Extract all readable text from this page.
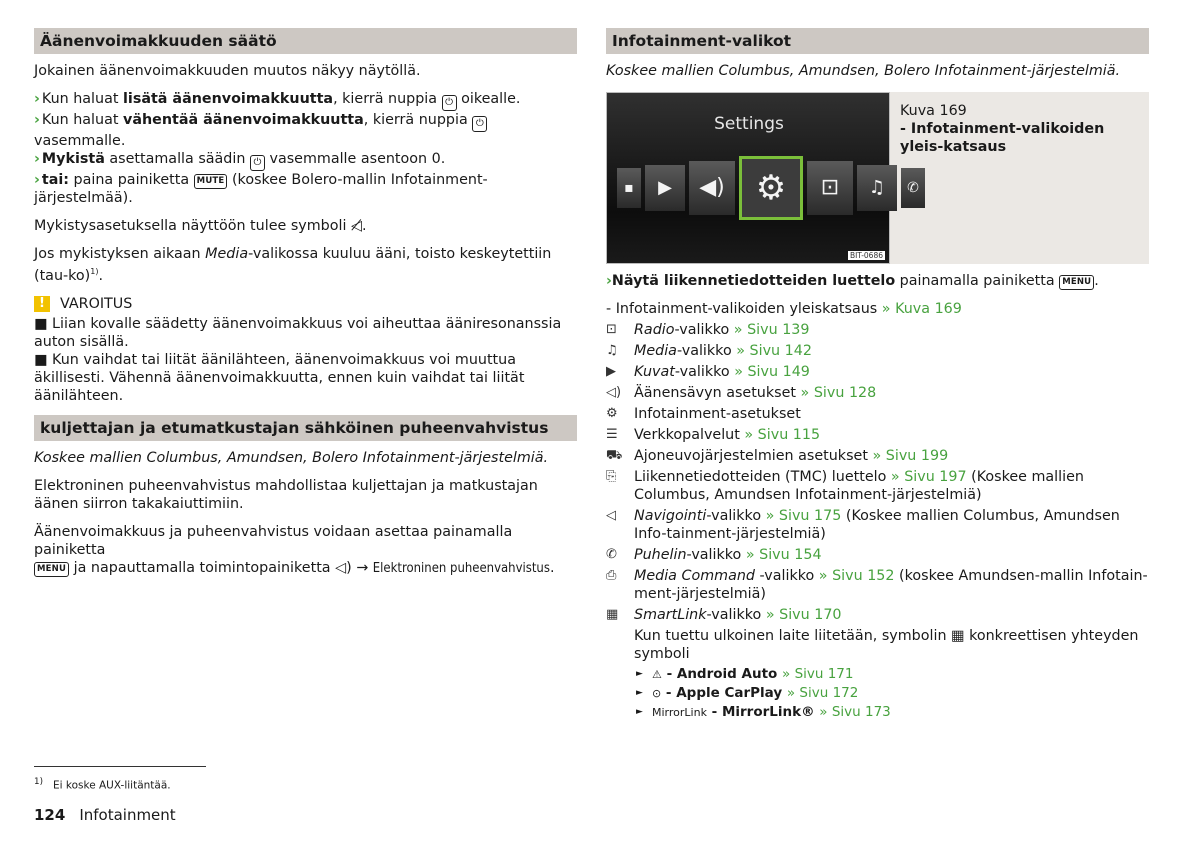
Äänenvoimakkuuden säätö

Jokainen äänenvoimakkuuden muutos näkyy näytöllä.

› Kun haluat lisätä äänenvoimakkuutta, kierrä nuppia ⏻ oikealle.
› Kun haluat vähentää äänenvoimakkuutta, kierrä nuppia ⏻ vasemmalle.
› Mykistä asettamalla säädin ⏻ vasemmalle asentoon 0.
› tai: paina painiketta MUTE (koskee Bolero-mallin Infotainment-järjestelmää).

Mykistysasetuksella näyttöön tulee symboli ◁̸.

Jos mykistyksen aikaan Media-valikossa kuuluu ääni, toisto keskeytettiin $(tau-ko)^{1)}$.

!	VAROITUS
■ Liian kovalle säädetty äänenvoimakkuus voi aiheuttaa ääniresonanssia auton sisällä.
■ Kun vaihdat tai liität äänilähteen, äänenvoimakkuus voi muuttua äkillisesti. Vähennä äänenvoimakkuutta, ennen kuin vaihdat tai liität äänilähteen.
kuljettajan ja etumatkustajan sähköinen puheenvahvistus

Koskee mallien Columbus, Amundsen, Bolero Infotainment-järjestelmiä.

Elektroninen puheenvahvistus mahdollistaa kuljettajan ja matkustajan äänen siirron takakaiuttimiin.

Äänenvoimakkuus ja puheenvahvistus voidaan asettaa painamalla painiketta
MENU ja napauttamalla toimintopainiketta ◁) → Elektroninen puheenvahvistus.

Infotainment-valikot
Koskee mallien Columbus, Amundsen, Bolero Infotainment-järjestelmiä.
Settings
▪	▶	◀) ⚙	⊡	♫	✆
BIT-0686
Kuva 169
- Infotainment-valikoiden yleis-katsaus

›Näytä liikennetiedotteiden luettelo painamalla painiketta MENU .

- Infotainment-valikoiden yleiskatsaus » Kuva 169
⊡	Radio-valikko » Sivu 139
♫	Media-valikko » Sivu 142
▶	Kuvat-valikko » Sivu 149
◁) Äänensävyn asetukset » Sivu 128
⚙	Infotainment-asetukset
☰	Verkkopalvelut » Sivu 115
⛟ Ajoneuvojärjestelmien asetukset » Sivu 199
⎘	Liikennetiedotteiden (TMC) luettelo » Sivu 197 (Koskee mallien Columbus, Amundsen Infotainment-järjestelmiä)
◁	Navigointi-valikko » Sivu 175 (Koskee mallien Columbus, Amundsen Info-tainment-järjestelmiä)
✆	Puhelin-valikko » Sivu 154
⎙	Media Command -valikko » Sivu 152 (koskee Amundsen-mallin Infotain-ment-järjestelmiä)
▦	SmartLink-valikko » Sivu 170
Kun tuettu ulkoinen laite liitetään, symbolin ▦ konkreettisen yhteyden symboli
► ⚠ - Android Auto » Sivu 171
► ⊙ - Apple CarPlay » Sivu 172
► MirrorLink - MirrorLink® » Sivu 173
$^{1)}$ Ei koske AUX-liitäntää.
124 Infotainment
